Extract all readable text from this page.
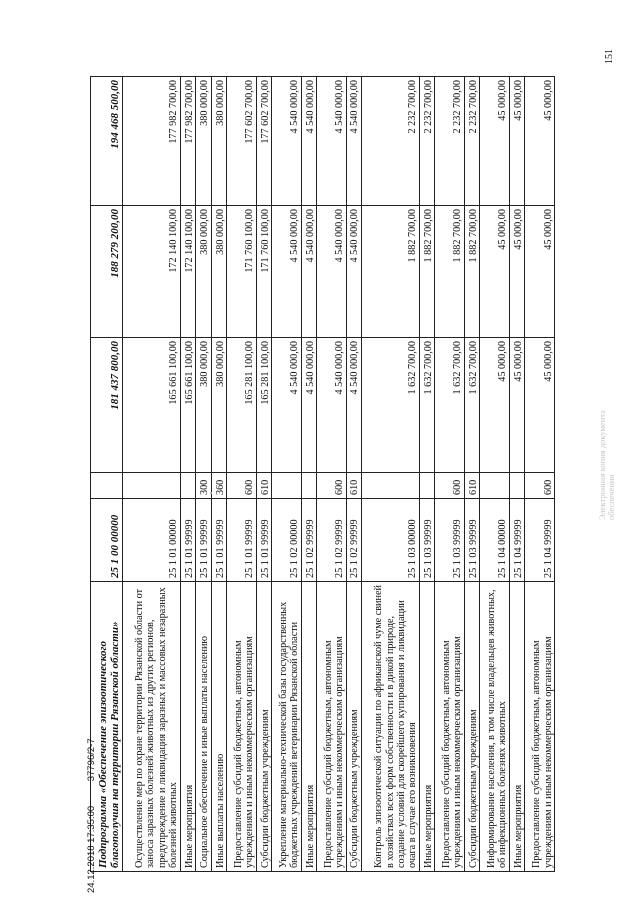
151
Подпрограмма «Обеспечение эпизоотического благополучия на территории Рязанской области»	25 1 00 00000		181 437 800,00	188 279 200,00	194 468 500,00
Осуществление мер по охране территории Рязанской области от заноса заразных болезней животных из других регионов, предупреждение и ликвидация заразных и массовых незаразных болезней животных	25 1 01 00000		165 661 100,00	172 140 100,00	177 982 700,00
Иные мероприятия	25 1 01 99999		165 661 100,00	172 140 100,00	177 982 700,00
Социальное обеспечение и иные выплаты населению	25 1 01 99999	300	380 000,00	380 000,00	380 000,00
Иные выплаты населению	25 1 01 99999	360	380 000,00	380 000,00	380 000,00
Предоставление субсидий бюджетным, автономным учреждениям и иным некоммерческим организациям	25 1 01 99999	600	165 281 100,00	171 760 100,00	177 602 700,00
Субсидии бюджетным учреждениям	25 1 01 99999	610	165 281 100,00	171 760 100,00	177 602 700,00
Укрепление материально-технической базы государственных бюджетных учреждений ветеринарии Рязанской области	25 1 02 00000		4 540 000,00	4 540 000,00	4 540 000,00
Иные мероприятия	25 1 02 99999		4 540 000,00	4 540 000,00	4 540 000,00
Предоставление субсидий бюджетным, автономным учреждениям и иным некоммерческим организациям	25 1 02 99999	600	4 540 000,00	4 540 000,00	4 540 000,00
Субсидии бюджетным учреждениям	25 1 02 99999	610	4 540 000,00	4 540 000,00	4 540 000,00
Контроль эпизоотической ситуации по африканской чуме свиней в хозяйствах всех форм собственности и в дикой природе, создание условий для скорейшего купирования и ликвидации очага в случае его возникновения	25 1 03 00000		1 632 700,00	1 882 700,00	2 232 700,00
Иные мероприятия	25 1 03 99999		1 632 700,00	1 882 700,00	2 232 700,00
Предоставление субсидий бюджетным, автономным учреждениям и иным некоммерческим организациям	25 1 03 99999	600	1 632 700,00	1 882 700,00	2 232 700,00
Субсидии бюджетным учреждениям	25 1 03 99999	610	1 632 700,00	1 882 700,00	2 232 700,00
Информирование населения, в том числе владельцев животных, об инфекционных болезнях животных	25 1 04 00000		45 000,00	45 000,00	45 000,00
Иные мероприятия	25 1 04 99999		45 000,00	45 000,00	45 000,00
Предоставление субсидий бюджетным, автономным учреждениям и иным некоммерческим организациям	25 1 04 99999	600	45 000,00	45 000,00	45 000,00
Электронная копия документа обеспечения
24.12.2018 17:35:00 37796/2-7
